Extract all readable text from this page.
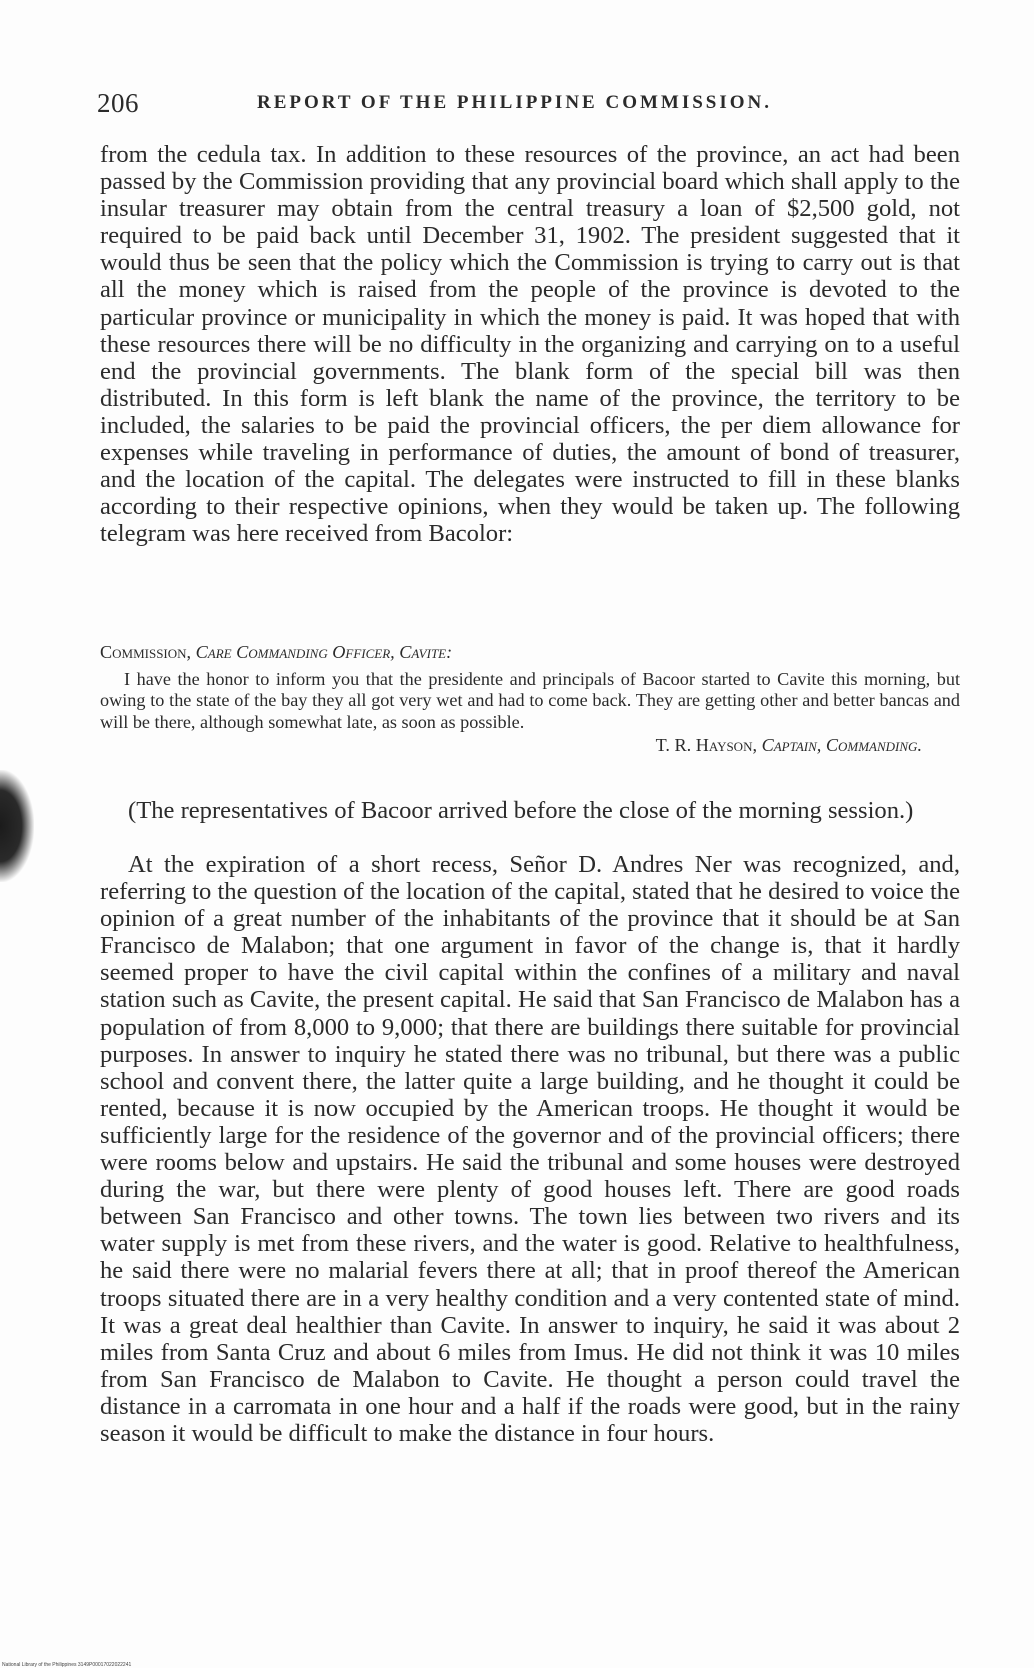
206	REPORT OF THE PHILIPPINE COMMISSION.

from the cedula tax. In addition to these resources of the province, an act had been passed by the Commission providing that any provincial board which shall apply to the insular treasurer may obtain from the central treasury a loan of $2,500 gold, not required to be paid back until December 31, 1902. The president suggested that it would thus be seen that the policy which the Commission is trying to carry out is that all the money which is raised from the people of the province is devoted to the particular province or municipality in which the money is paid. It was hoped that with these resources there will be no difficulty in the organizing and carrying on to a useful end the provincial governments. The blank form of the special bill was then distributed. In this form is left blank the name of the province, the territory to be included, the salaries to be paid the provincial officers, the per diem allowance for expenses while traveling in performance of duties, the amount of bond of treasurer, and the location of the capital. The delegates were instructed to fill in these blanks according to their respective opinions, when they would be taken up. The following telegram was here received from Bacolor:

Commission, Care Commanding Officer, Cavite:

I have the honor to inform you that the presidente and principals of Bacoor started to Cavite this morning, but owing to the state of the bay they all got very wet and had to come back. They are getting other and better bancas and will be there, although somewhat late, as soon as possible.

T. R. Hayson, Captain, Commanding.

(The representatives of Bacoor arrived before the close of the morning session.)

At the expiration of a short recess, Señor D. Andres Ner was recognized, and, referring to the question of the location of the capital, stated that he desired to voice the opinion of a great number of the inhabitants of the province that it should be at San Francisco de Malabon; that one argument in favor of the change is, that it hardly seemed proper to have the civil capital within the confines of a military and naval station such as Cavite, the present capital. He said that San Francisco de Malabon has a population of from 8,000 to 9,000; that there are buildings there suitable for provincial purposes. In answer to inquiry he stated there was no tribunal, but there was a public school and convent there, the latter quite a large building, and he thought it could be rented, because it is now occupied by the American troops. He thought it would be sufficiently large for the residence of the governor and of the provincial officers; there were rooms below and upstairs. He said the tribunal and some houses were destroyed during the war, but there were plenty of good houses left. There are good roads between San Francisco and other towns. The town lies between two rivers and its water supply is met from these rivers, and the water is good. Relative to healthfulness, he said there were no malarial fevers there at all; that in proof thereof the American troops situated there are in a very healthy condition and a very contented state of mind. It was a great deal healthier than Cavite. In answer to inquiry, he said it was about 2 miles from Santa Cruz and about 6 miles from Imus. He did not think it was 10 miles from San Francisco de Malabon to Cavite. He thought a person could travel the distance in a carromata in one hour and a half if the roads were good, but in the rainy season it would be difficult to make the distance in four hours.

National Library of the Philippines 3149P00017022022241
